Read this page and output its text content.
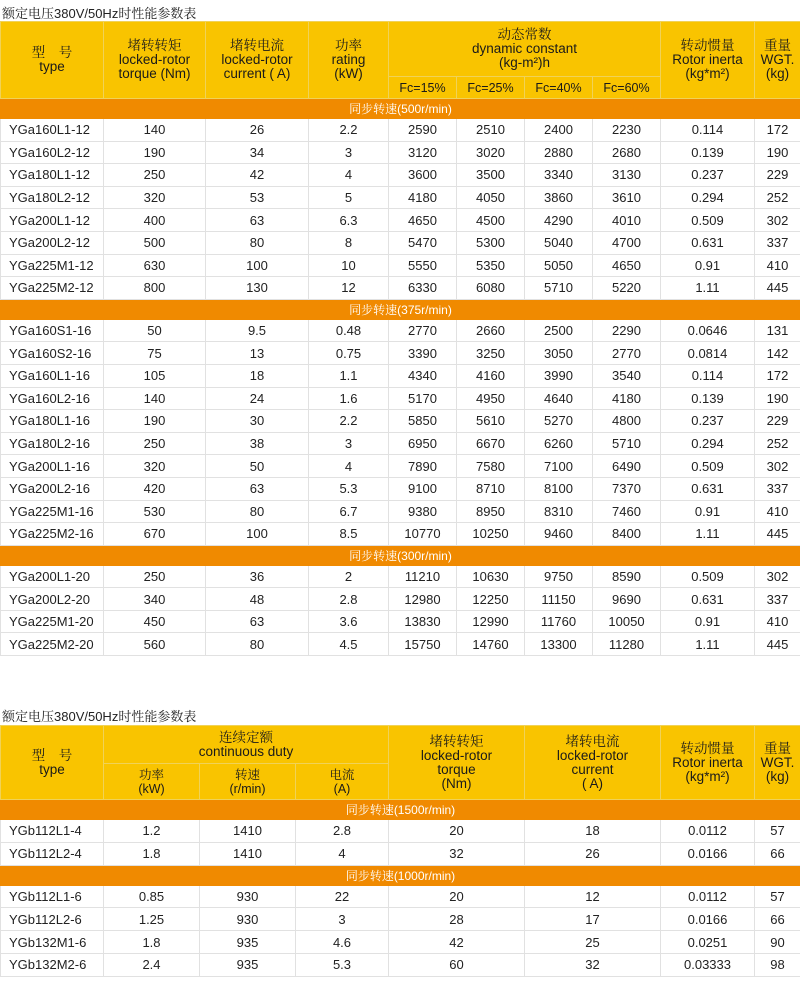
额定电压380V/50Hz时性能参数表
型　号
type	堵转转矩
locked-rotor
torque (Nm)	堵转电流
locked-rotor
current ( A)	功率
rating
(kW)	动态常数
dynamic constant
(kg-m²)h				转动惯量
Rotor inerta
(kg*m²)	重量
WGT.
(kg)
				Fc=15%	Fc=25%	Fc=40%	Fc=60%		
同步转速(500r/min)									
YGa160L1-12	140	26	2.2	2590	2510	2400	2230	0.114	172
YGa160L2-12	190	34	3	3120	3020	2880	2680	0.139	190
YGa180L1-12	250	42	4	3600	3500	3340	3130	0.237	229
YGa180L2-12	320	53	5	4180	4050	3860	3610	0.294	252
YGa200L1-12	400	63	6.3	4650	4500	4290	4010	0.509	302
YGa200L2-12	500	80	8	5470	5300	5040	4700	0.631	337
YGa225M1-12	630	100	10	5550	5350	5050	4650	0.91	410
YGa225M2-12	800	130	12	6330	6080	5710	5220	1.11	445
同步转速(375r/min)									
YGa160S1-16	50	9.5	0.48	2770	2660	2500	2290	0.0646	131
YGa160S2-16	75	13	0.75	3390	3250	3050	2770	0.0814	142
YGa160L1-16	105	18	1.1	4340	4160	3990	3540	0.114	172
YGa160L2-16	140	24	1.6	5170	4950	4640	4180	0.139	190
YGa180L1-16	190	30	2.2	5850	5610	5270	4800	0.237	229
YGa180L2-16	250	38	3	6950	6670	6260	5710	0.294	252
YGa200L1-16	320	50	4	7890	7580	7100	6490	0.509	302
YGa200L2-16	420	63	5.3	9100	8710	8100	7370	0.631	337
YGa225M1-16	530	80	6.7	9380	8950	8310	7460	0.91	410
YGa225M2-16	670	100	8.5	10770	10250	9460	8400	1.11	445
同步转速(300r/min)									
YGa200L1-20	250	36	2	11210	10630	9750	8590	0.509	302
YGa200L2-20	340	48	2.8	12980	12250	11150	9690	0.631	337
YGa225M1-20	450	63	3.6	13830	12990	11760	10050	0.91	410
YGa225M2-20	560	80	4.5	15750	14760	13300	11280	1.11	445
额定电压380V/50Hz时性能参数表
型　号
type	连续定额
continuous duty			堵转转矩
locked-rotor
torque
(Nm)	堵转电流
locked-rotor
current
( A)	转动惯量
Rotor inerta
(kg*m²)	重量
WGT.
(kg)
	功率
(kW)	转速
(r/min)	电流
(A)				
同步转速(1500r/min)							
YGb112L1-4	1.2	1410	2.8	20	18	0.0112	57
YGb112L2-4	1.8	1410	4	32	26	0.0166	66
同步转速(1000r/min)							
YGb112L1-6	0.85	930	22	20	12	0.0112	57
YGb112L2-6	1.25	930	3	28	17	0.0166	66
YGb132M1-6	1.8	935	4.6	42	25	0.0251	90
YGb132M2-6	2.4	935	5.3	60	32	0.03333	98
